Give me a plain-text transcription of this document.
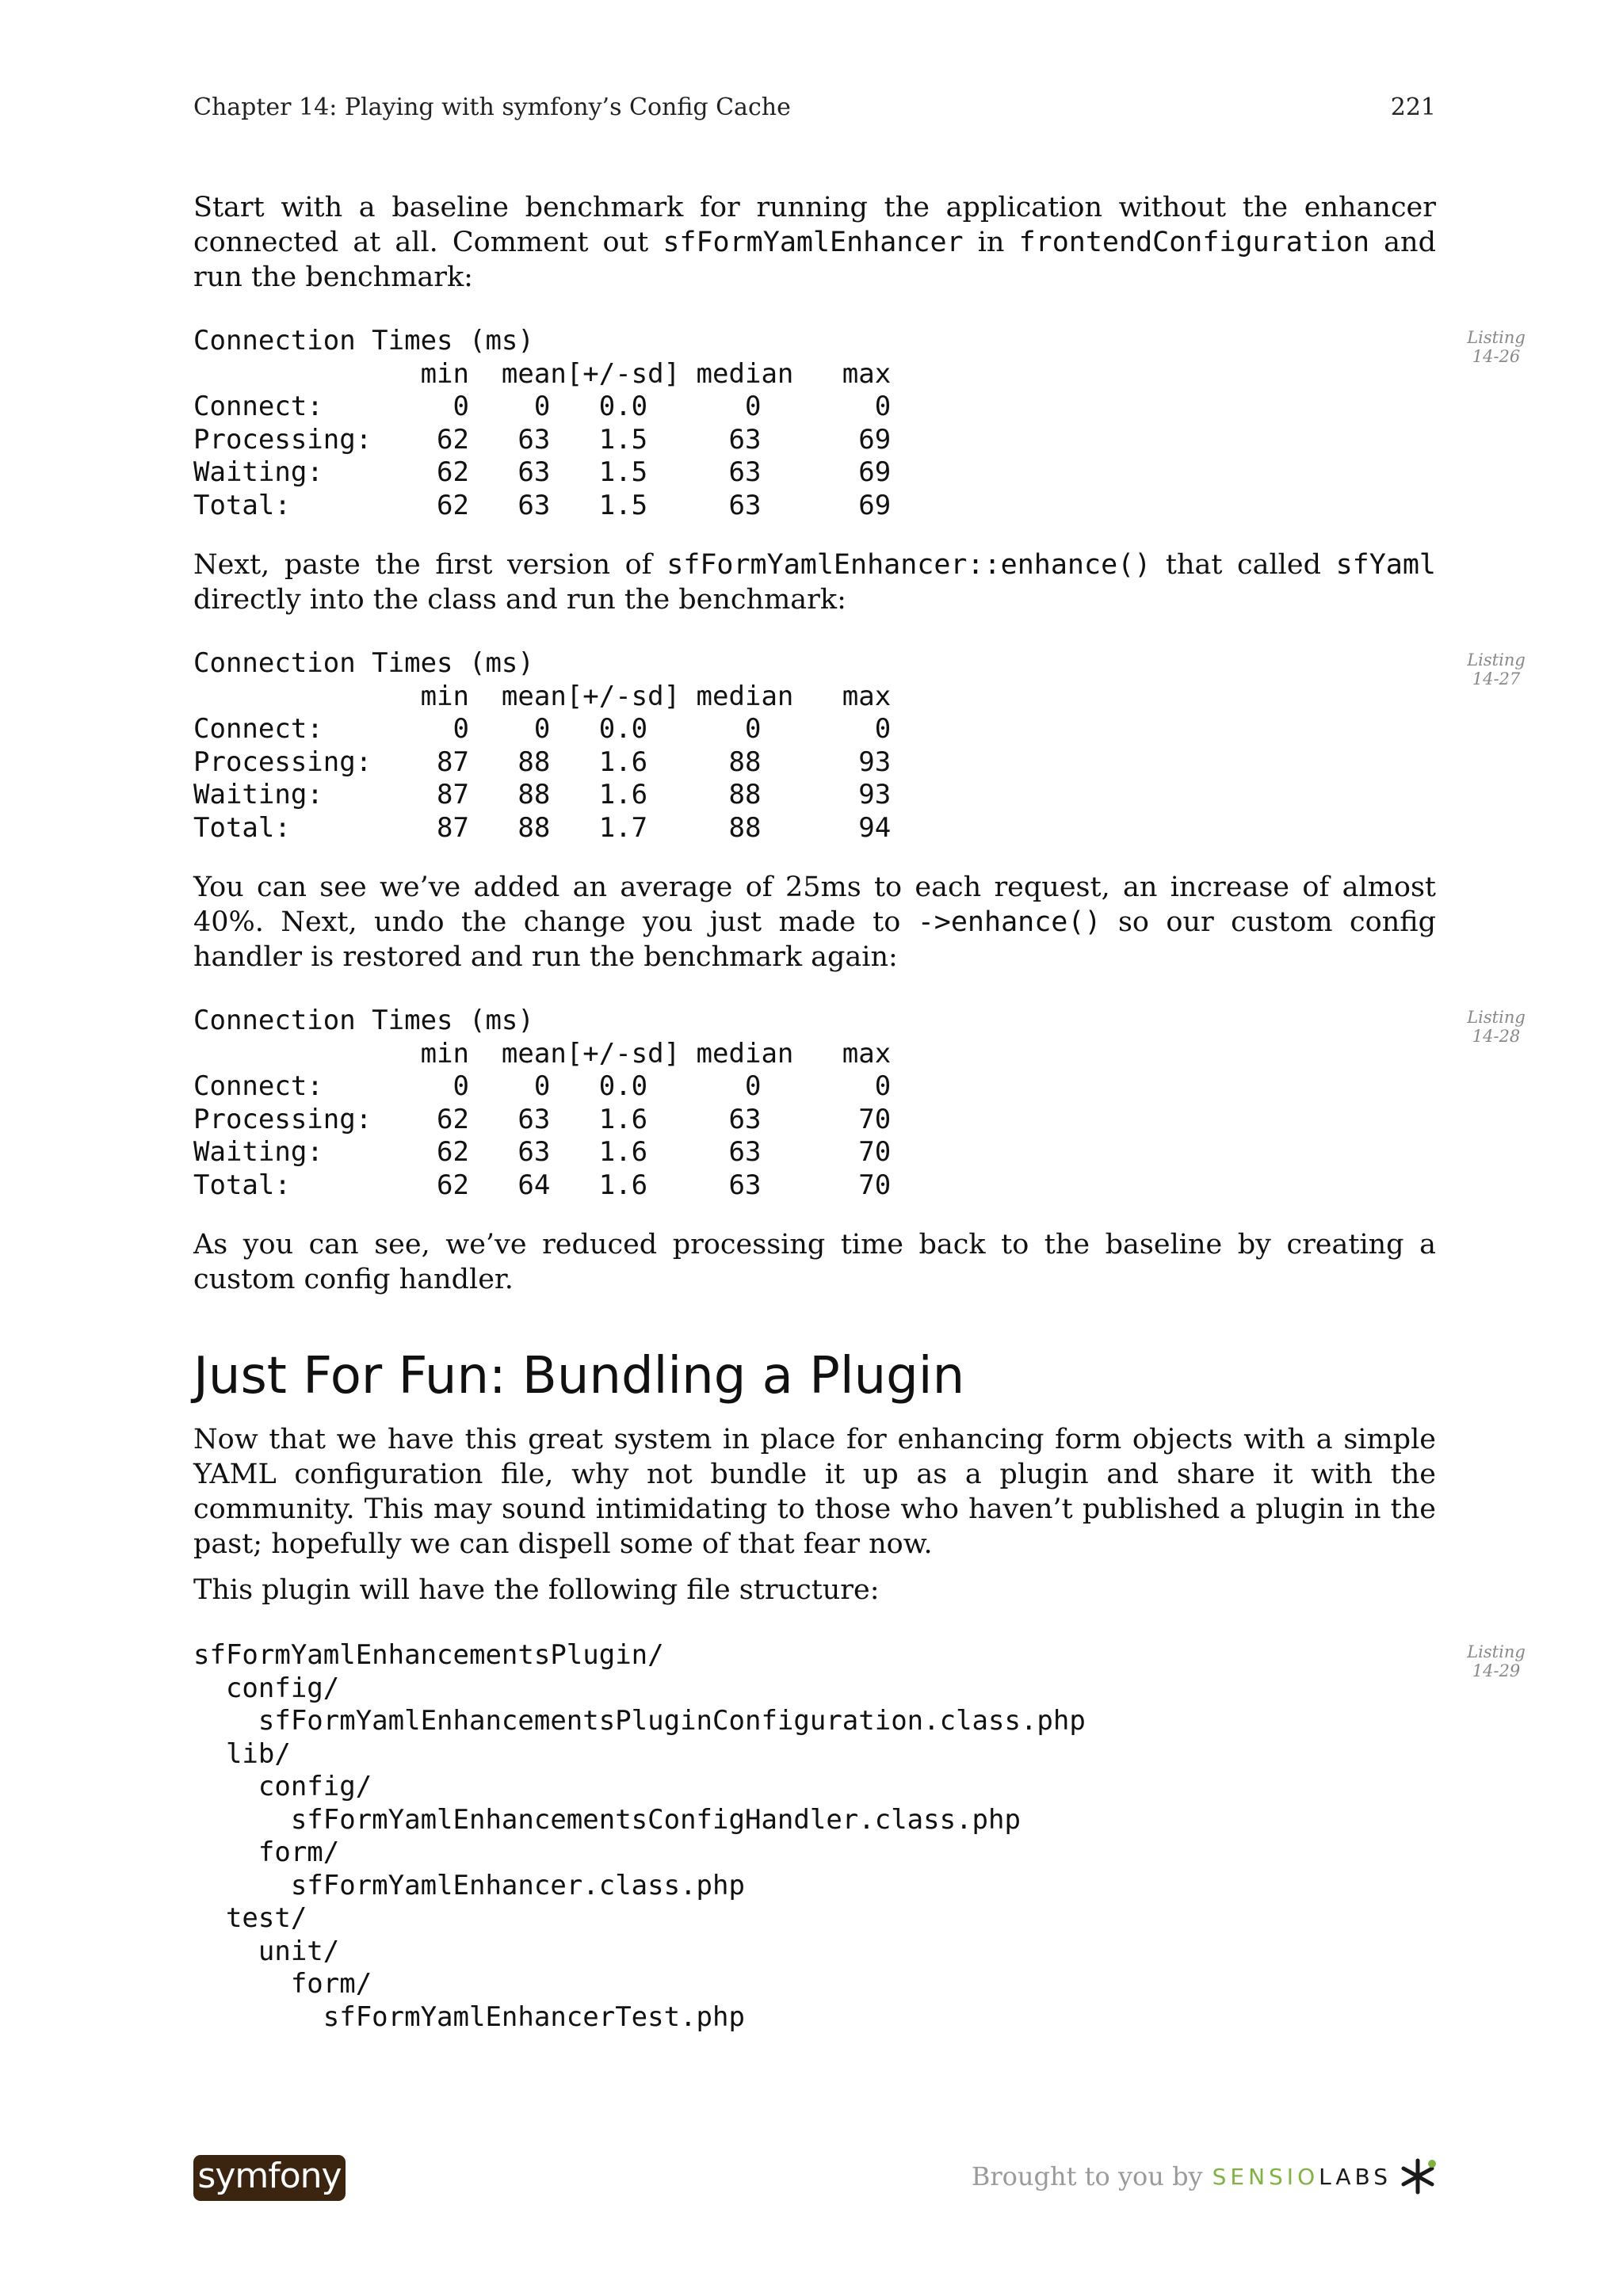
Chapter 14: Playing with symfony’s Config Cache	221

Start with a baseline benchmark for running the application without the enhancer connected at all. Comment out sfFormYamlEnhancer in frontendConfiguration and run the benchmark:

Connection Times (ms)
min  mean[+/-sd] median   max
Connect:        0    0   0.0      0       0
Processing:    62   63   1.5     63      69
Waiting:       62   63   1.5     63      69
Total:         62   63   1.5     63      69
Listing
14-26

Next, paste the first version of sfFormYamlEnhancer::enhance() that called sfYaml directly into the class and run the benchmark:

Connection Times (ms)
min  mean[+/-sd] median   max
Connect:        0    0   0.0      0       0
Processing:    87   88   1.6     88      93
Waiting:       87   88   1.6     88      93
Total:         87   88   1.7     88      94
Listing
14-27

You can see we’ve added an average of 25ms to each request, an increase of almost 40%. Next, undo the change you just made to ->enhance() so our custom config handler is restored and run the benchmark again:

Connection Times (ms)
min  mean[+/-sd] median   max
Connect:        0    0   0.0      0       0
Processing:    62   63   1.6     63      70
Waiting:       62   63   1.6     63      70
Total:         62   64   1.6     63      70
Listing
14-28

As you can see, we’ve reduced processing time back to the baseline by creating a custom config handler.

Just For Fun: Bundling a Plugin

Now that we have this great system in place for enhancing form objects with a simple YAML configuration file, why not bundle it up as a plugin and share it with the community. This may sound intimidating to those who haven’t published a plugin in the past; hopefully we can dispell some of that fear now.

This plugin will have the following file structure:

sfFormYamlEnhancementsPlugin/
config/
sfFormYamlEnhancementsPluginConfiguration.class.php
lib/
config/
sfFormYamlEnhancementsConfigHandler.class.php
form/
sfFormYamlEnhancer.class.php
test/
unit/
form/
sfFormYamlEnhancerTest.php
Listing
14-29
symfony	Brought to you by SENSIO LABS
